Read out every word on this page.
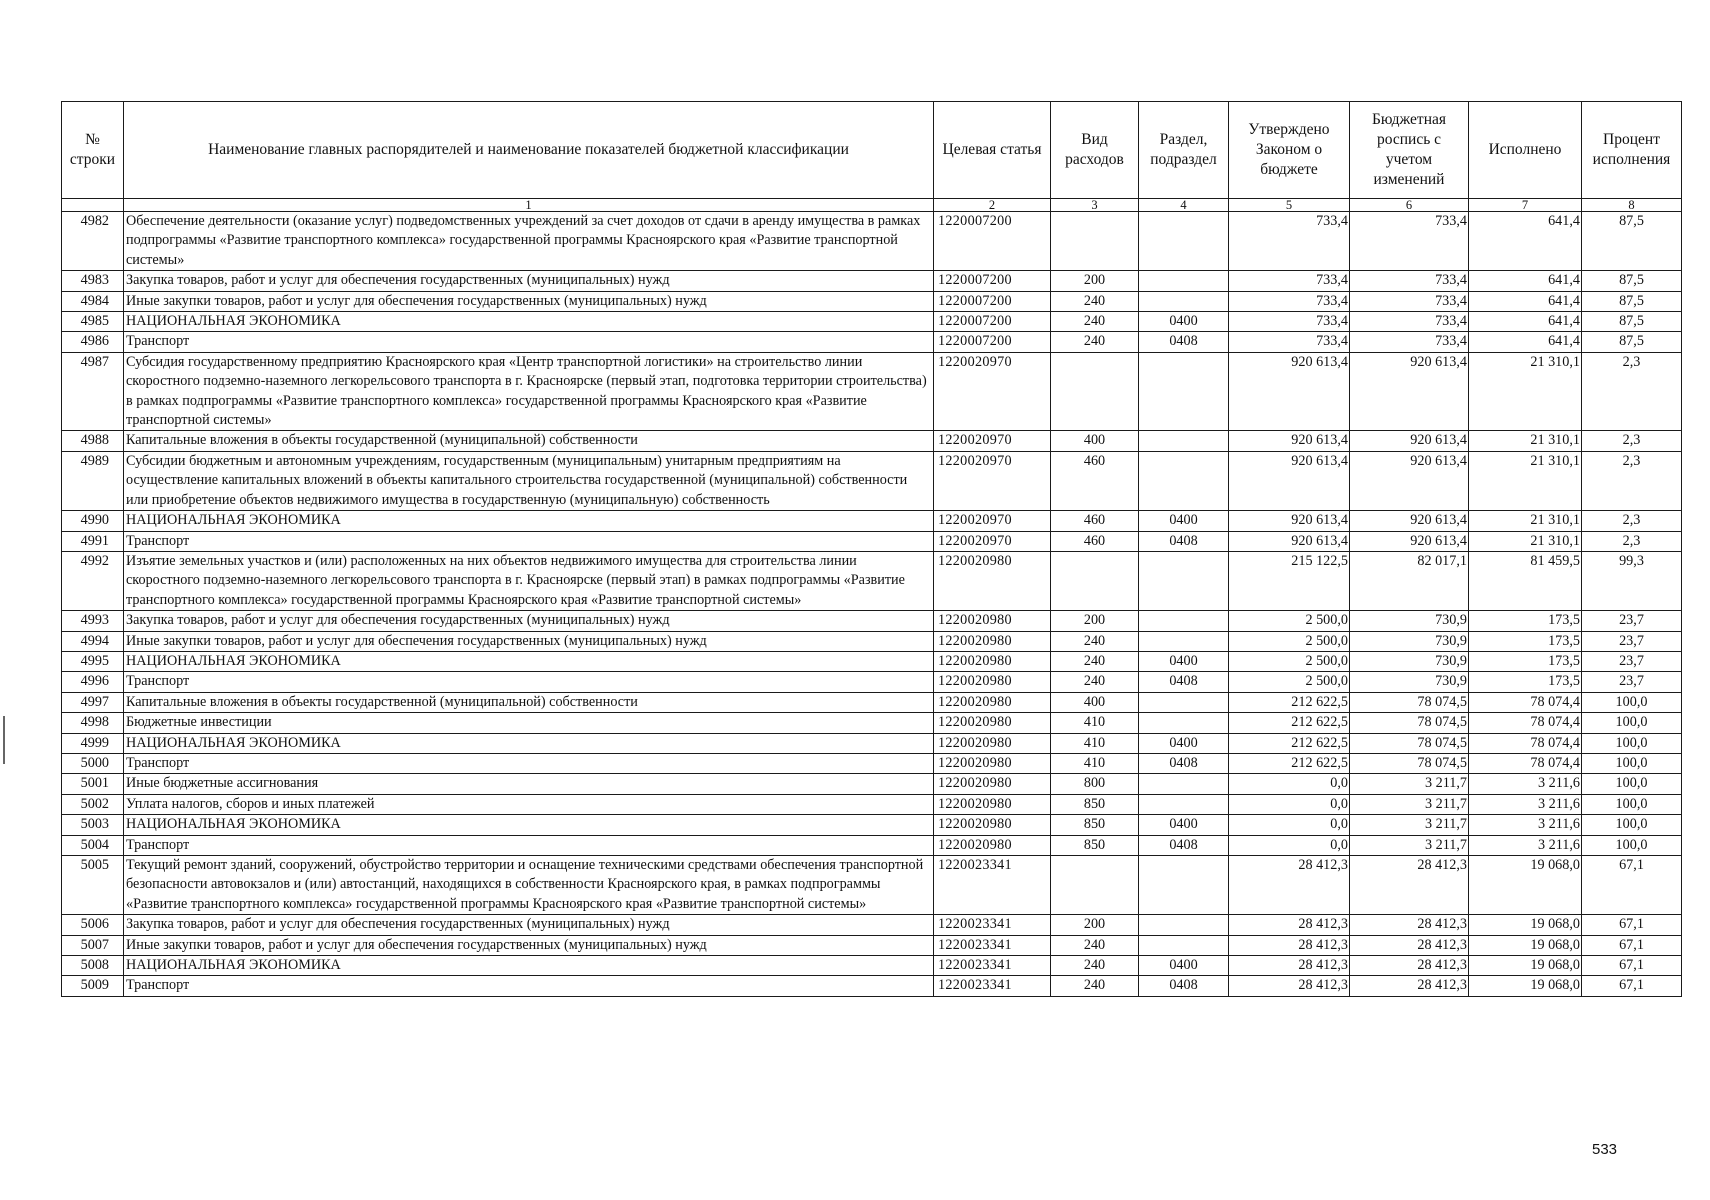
№ строки	Наименование главных распорядителей и наименование показателей бюджетной классификации	Целевая статья	Вид расходов	Раздел, подраздел	Утверждено Законом о бюджете	Бюджетная роспись с учетом изменений	Исполнено	Процент исполнения
	1	2	3	4	5	6	7	8
4982	Обеспечение деятельности (оказание услуг) подведомственных учреждений за счет доходов от сдачи в аренду имущества в рамках подпрограммы «Развитие транспортного комплекса» государственной программы Красноярского края «Развитие транспортной системы»	1220007200			733,4	733,4	641,4	87,5
4983	Закупка товаров, работ и услуг для обеспечения государственных (муниципальных) нужд	1220007200	200		733,4	733,4	641,4	87,5
4984	Иные закупки товаров, работ и услуг для обеспечения государственных (муниципальных) нужд	1220007200	240		733,4	733,4	641,4	87,5
4985	НАЦИОНАЛЬНАЯ ЭКОНОМИКА	1220007200	240	0400	733,4	733,4	641,4	87,5
4986	Транспорт	1220007200	240	0408	733,4	733,4	641,4	87,5
4987	Субсидия государственному предприятию Красноярского края «Центр транспортной логистики» на строительство линии скоростного подземно-наземного легкорельсового транспорта в г. Красноярске (первый этап, подготовка территории строительства) в рамках подпрограммы «Развитие транспортного комплекса» государственной программы Красноярского края «Развитие транспортной системы»	1220020970			920 613,4	920 613,4	21 310,1	2,3
4988	Капитальные вложения в объекты государственной (муниципальной) собственности	1220020970	400		920 613,4	920 613,4	21 310,1	2,3
4989	Субсидии бюджетным и автономным учреждениям, государственным (муниципальным) унитарным предприятиям на осуществление капитальных вложений в объекты капитального строительства государственной (муниципальной) собственности или приобретение объектов недвижимого имущества в государственную (муниципальную) собственность	1220020970	460		920 613,4	920 613,4	21 310,1	2,3
4990	НАЦИОНАЛЬНАЯ ЭКОНОМИКА	1220020970	460	0400	920 613,4	920 613,4	21 310,1	2,3
4991	Транспорт	1220020970	460	0408	920 613,4	920 613,4	21 310,1	2,3
4992	Изъятие земельных участков и (или) расположенных на них объектов недвижимого имущества для строительства линии скоростного подземно-наземного легкорельсового транспорта в г. Красноярске (первый этап) в рамках подпрограммы «Развитие транспортного комплекса» государственной программы Красноярского края «Развитие транспортной системы»	1220020980			215 122,5	82 017,1	81 459,5	99,3
4993	Закупка товаров, работ и услуг для обеспечения государственных (муниципальных) нужд	1220020980	200		2 500,0	730,9	173,5	23,7
4994	Иные закупки товаров, работ и услуг для обеспечения государственных (муниципальных) нужд	1220020980	240		2 500,0	730,9	173,5	23,7
4995	НАЦИОНАЛЬНАЯ ЭКОНОМИКА	1220020980	240	0400	2 500,0	730,9	173,5	23,7
4996	Транспорт	1220020980	240	0408	2 500,0	730,9	173,5	23,7
4997	Капитальные вложения в объекты государственной (муниципальной) собственности	1220020980	400		212 622,5	78 074,5	78 074,4	100,0
4998	Бюджетные инвестиции	1220020980	410		212 622,5	78 074,5	78 074,4	100,0
4999	НАЦИОНАЛЬНАЯ ЭКОНОМИКА	1220020980	410	0400	212 622,5	78 074,5	78 074,4	100,0
5000	Транспорт	1220020980	410	0408	212 622,5	78 074,5	78 074,4	100,0
5001	Иные бюджетные ассигнования	1220020980	800		0,0	3 211,7	3 211,6	100,0
5002	Уплата налогов, сборов и иных платежей	1220020980	850		0,0	3 211,7	3 211,6	100,0
5003	НАЦИОНАЛЬНАЯ ЭКОНОМИКА	1220020980	850	0400	0,0	3 211,7	3 211,6	100,0
5004	Транспорт	1220020980	850	0408	0,0	3 211,7	3 211,6	100,0
5005	Текущий ремонт зданий, сооружений, обустройство территории и оснащение техническими средствами обеспечения транспортной безопасности автовокзалов и (или) автостанций, находящихся в собственности Красноярского края, в рамках подпрограммы «Развитие транспортного комплекса» государственной программы Красноярского края «Развитие транспортной системы»	1220023341			28 412,3	28 412,3	19 068,0	67,1
5006	Закупка товаров, работ и услуг для обеспечения государственных (муниципальных) нужд	1220023341	200		28 412,3	28 412,3	19 068,0	67,1
5007	Иные закупки товаров, работ и услуг для обеспечения государственных (муниципальных) нужд	1220023341	240		28 412,3	28 412,3	19 068,0	67,1
5008	НАЦИОНАЛЬНАЯ ЭКОНОМИКА	1220023341	240	0400	28 412,3	28 412,3	19 068,0	67,1
5009	Транспорт	1220023341	240	0408	28 412,3	28 412,3	19 068,0	67,1
533
